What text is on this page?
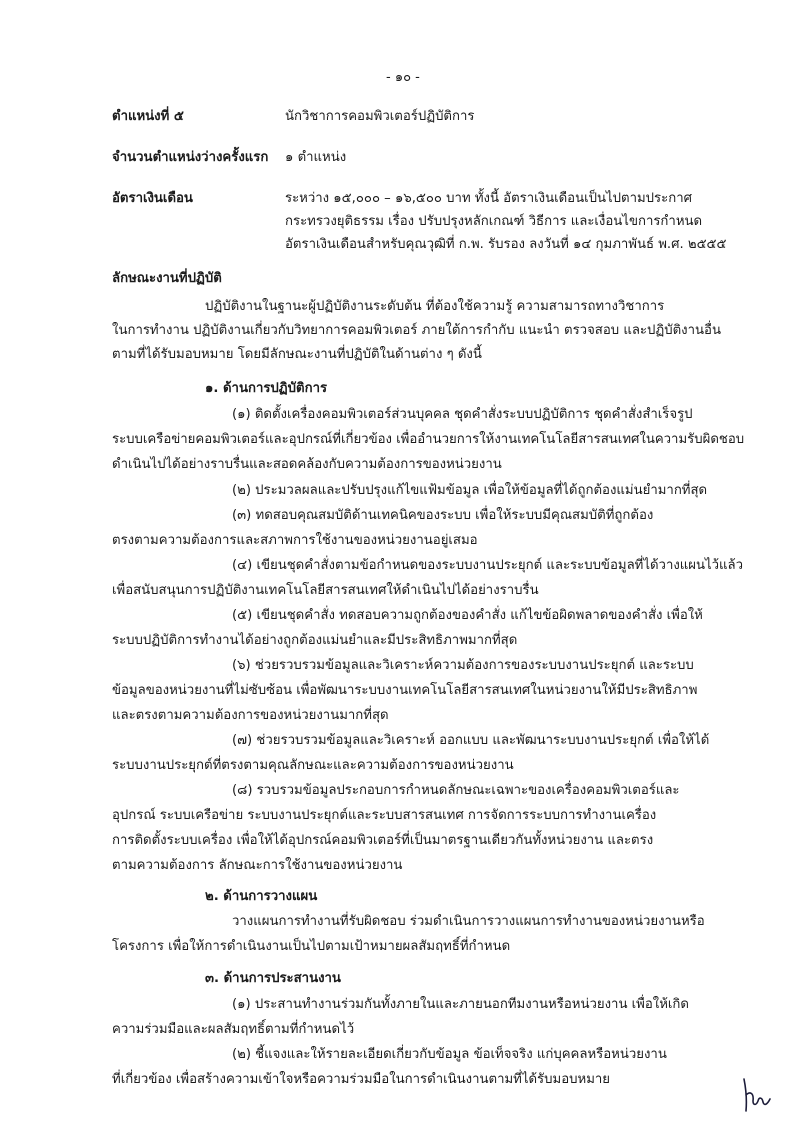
- ๑๐ -
ตำแหน่งที่ ๕	นักวิชาการคอมพิวเตอร์ปฏิบัติการ
จำนวนตำแหน่งว่างครั้งแรก ๑ ตำแหน่ง
อัตราเงินเดือน	ระหว่าง ๑๕,๐๐๐ – ๑๖,๕๐๐ บาท ทั้งนี้ อัตราเงินเดือนเป็นไปตามประกาศ
กระทรวงยุติธรรม เรื่อง ปรับปรุงหลักเกณฑ์ วิธีการ และเงื่อนไขการกำหนด
อัตราเงินเดือนสำหรับคุณวุฒิที่ ก.พ. รับรอง ลงวันที่ ๑๔ กุมภาพันธ์ พ.ศ. ๒๕๕๕
ลักษณะงานที่ปฏิบัติ
ปฏิบัติงานในฐานะผู้ปฏิบัติงานระดับต้น ที่ต้องใช้ความรู้ ความสามารถทางวิชาการ
ในการทำงาน ปฏิบัติงานเกี่ยวกับวิทยาการคอมพิวเตอร์ ภายใต้การกำกับ แนะนำ ตรวจสอบ และปฏิบัติงานอื่น
ตามที่ได้รับมอบหมาย โดยมีลักษณะงานที่ปฏิบัติในด้านต่าง ๆ ดังนี้
๑. ด้านการปฏิบัติการ
(๑) ติดตั้งเครื่องคอมพิวเตอร์ส่วนบุคคล ชุดคำสั่งระบบปฏิบัติการ ชุดคำสั่งสำเร็จรูป
ระบบเครือข่ายคอมพิวเตอร์และอุปกรณ์ที่เกี่ยวข้อง เพื่ออำนวยการให้งานเทคโนโลยีสารสนเทศในความรับผิดชอบ
ดำเนินไปได้อย่างราบรื่นและสอดคล้องกับความต้องการของหน่วยงาน
(๒) ประมวลผลและปรับปรุงแก้ไขแฟ้มข้อมูล เพื่อให้ข้อมูลที่ได้ถูกต้องแม่นยำมากที่สุด
(๓) ทดสอบคุณสมบัติด้านเทคนิคของระบบ เพื่อให้ระบบมีคุณสมบัติที่ถูกต้อง
ตรงตามความต้องการและสภาพการใช้งานของหน่วยงานอยู่เสมอ
(๔) เขียนชุดคำสั่งตามข้อกำหนดของระบบงานประยุกต์ และระบบข้อมูลที่ได้วางแผนไว้แล้ว
เพื่อสนับสนุนการปฏิบัติงานเทคโนโลยีสารสนเทศให้ดำเนินไปได้อย่างราบรื่น
(๕) เขียนชุดคำสั่ง ทดสอบความถูกต้องของคำสั่ง แก้ไขข้อผิดพลาดของคำสั่ง เพื่อให้
ระบบปฏิบัติการทำงานได้อย่างถูกต้องแม่นยำและมีประสิทธิภาพมากที่สุด
(๖) ช่วยรวบรวมข้อมูลและวิเคราะห์ความต้องการของระบบงานประยุกต์ และระบบ
ข้อมูลของหน่วยงานที่ไม่ซับซ้อน เพื่อพัฒนาระบบงานเทคโนโลยีสารสนเทศในหน่วยงานให้มีประสิทธิภาพ
และตรงตามความต้องการของหน่วยงานมากที่สุด
(๗) ช่วยรวบรวมข้อมูลและวิเคราะห์ ออกแบบ และพัฒนาระบบงานประยุกต์ เพื่อให้ได้
ระบบงานประยุกต์ที่ตรงตามคุณลักษณะและความต้องการของหน่วยงาน
(๘) รวบรวมข้อมูลประกอบการกำหนดลักษณะเฉพาะของเครื่องคอมพิวเตอร์และ
อุปกรณ์ ระบบเครือข่าย ระบบงานประยุกต์และระบบสารสนเทศ การจัดการระบบการทำงานเครื่อง
การติดตั้งระบบเครื่อง เพื่อให้ได้อุปกรณ์คอมพิวเตอร์ที่เป็นมาตรฐานเดียวกันทั้งหน่วยงาน และตรง
ตามความต้องการ ลักษณะการใช้งานของหน่วยงาน
๒. ด้านการวางแผน
วางแผนการทำงานที่รับผิดชอบ ร่วมดำเนินการวางแผนการทำงานของหน่วยงานหรือ
โครงการ เพื่อให้การดำเนินงานเป็นไปตามเป้าหมายผลสัมฤทธิ์ที่กำหนด
๓. ด้านการประสานงาน
(๑) ประสานทำงานร่วมกันทั้งภายในและภายนอกทีมงานหรือหน่วยงาน เพื่อให้เกิด
ความร่วมมือและผลสัมฤทธิ์ตามที่กำหนดไว้
(๒) ชี้แจงและให้รายละเอียดเกี่ยวกับข้อมูล ข้อเท็จจริง แก่บุคคลหรือหน่วยงาน
ที่เกี่ยวข้อง เพื่อสร้างความเข้าใจหรือความร่วมมือในการดำเนินงานตามที่ได้รับมอบหมาย
